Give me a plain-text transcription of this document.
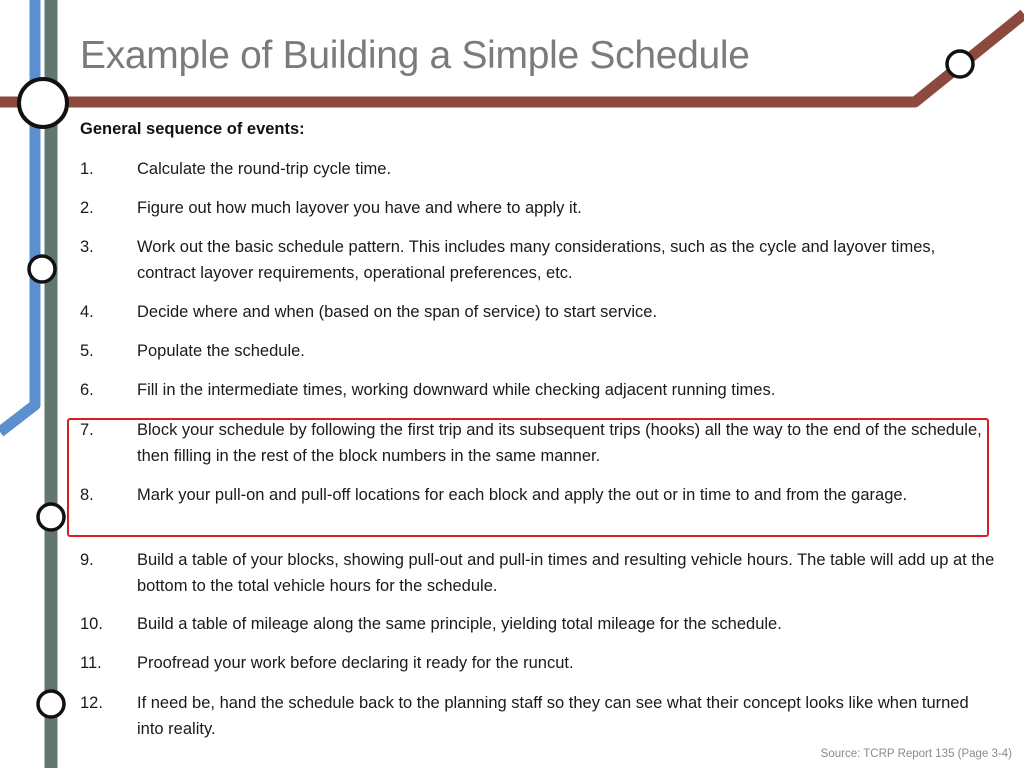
Example of Building a Simple Schedule
General sequence of events:
1.	Calculate the round-trip cycle time.
2.	Figure out how much layover you have and where to apply it.
3.	Work out the basic schedule pattern. This includes many considerations, such as the cycle and layover times, contract layover requirements, operational preferences, etc.
4.	Decide where and when (based on the span of service) to start service.
5.	Populate the schedule.
6.	Fill in the intermediate times, working downward while checking adjacent running times.
7.	Block your schedule by following the first trip and its subsequent trips (hooks) all the way to the end of the schedule, then filling in the rest of the block numbers in the same manner.
8.	Mark your pull-on and pull-off locations for each block and apply the out or in time to and from the garage.
9.	Build a table of your blocks, showing pull-out and pull-in times and resulting vehicle hours. The table will add up at the bottom to the total vehicle hours for the schedule.
10.	Build a table of mileage along the same principle, yielding total mileage for the schedule.
11.	Proofread your work before declaring it ready for the runcut.
12.	If need be, hand the schedule back to the planning staff so they can see what their concept looks like when turned into reality.
Source: TCRP Report 135 (Page 3-4)
